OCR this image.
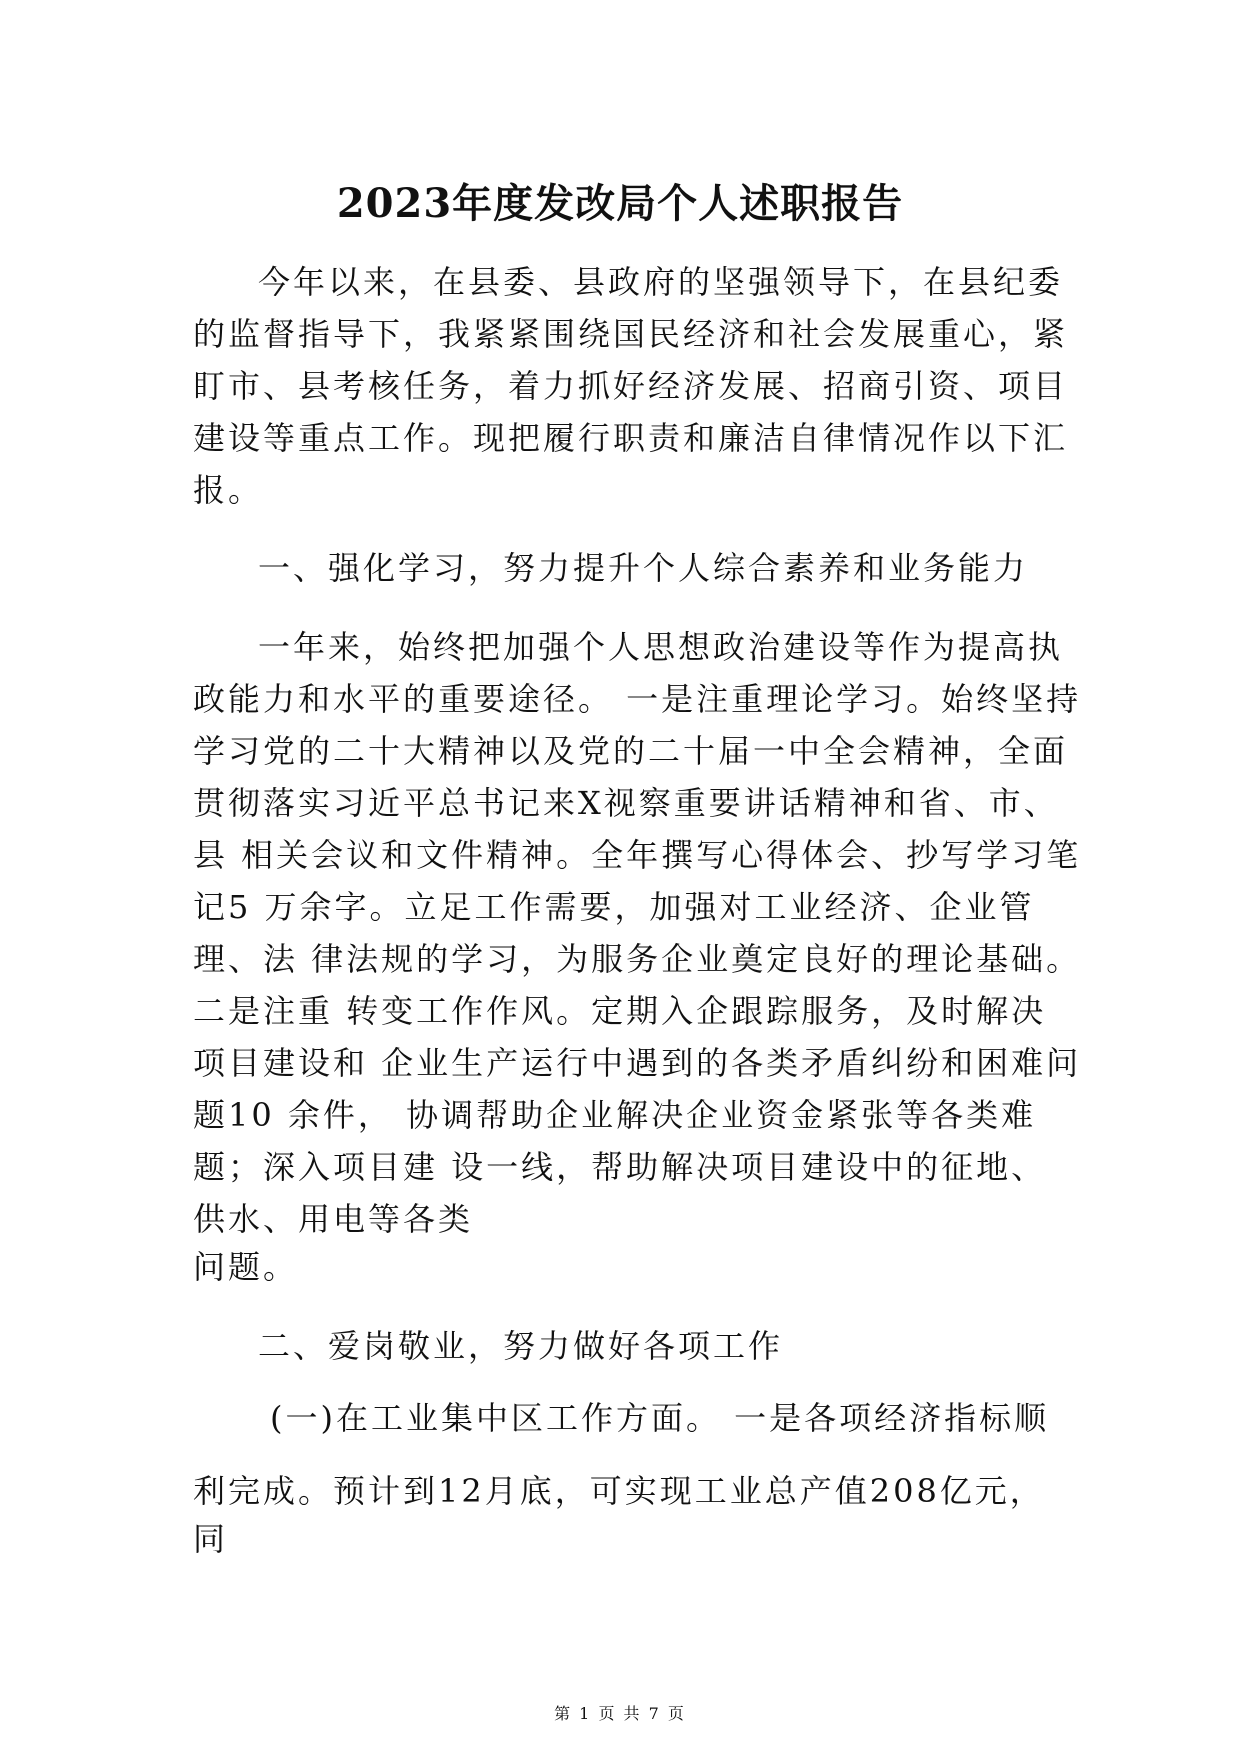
2023年度发改局个人述职报告

今年以来，在县委、县政府的坚强领导下，在县纪委

的监督指导下，我紧紧围绕国民经济和社会发展重心，紧

盯市、县考核任务，着力抓好经济发展、招商引资、项目

建设等重点工作。现把履行职责和廉洁自律情况作以下汇

报。

一、强化学习，努力提升个人综合素养和业务能力

一年来，始终把加强个人思想政治建设等作为提高执

政能力和水平的重要途径。 一是注重理论学习。始终坚持

学习党的二十大精神以及党的二十届一中全会精神，全面

贯彻落实习近平总书记来X视察重要讲话精神和省、市、

县 相关会议和文件精神。全年撰写心得体会、抄写学习笔

记5 万余字。立足工作需要，加强对工业经济、企业管

理、法 律法规的学习，为服务企业奠定良好的理论基础。

二是注重 转变工作作风。定期入企跟踪服务，及时解决

项目建设和 企业生产运行中遇到的各类矛盾纠纷和困难问

题10 余件， 协调帮助企业解决企业资金紧张等各类难

题；深入项目建 设一线，帮助解决项目建设中的征地、

供水、用电等各类

问题。

二、爱岗敬业，努力做好各项工作

(一)在工业集中区工作方面。 一是各项经济指标顺

利完成。预计到12月底，可实现工业总产值208亿元，

同

第 1 页 共 7 页
